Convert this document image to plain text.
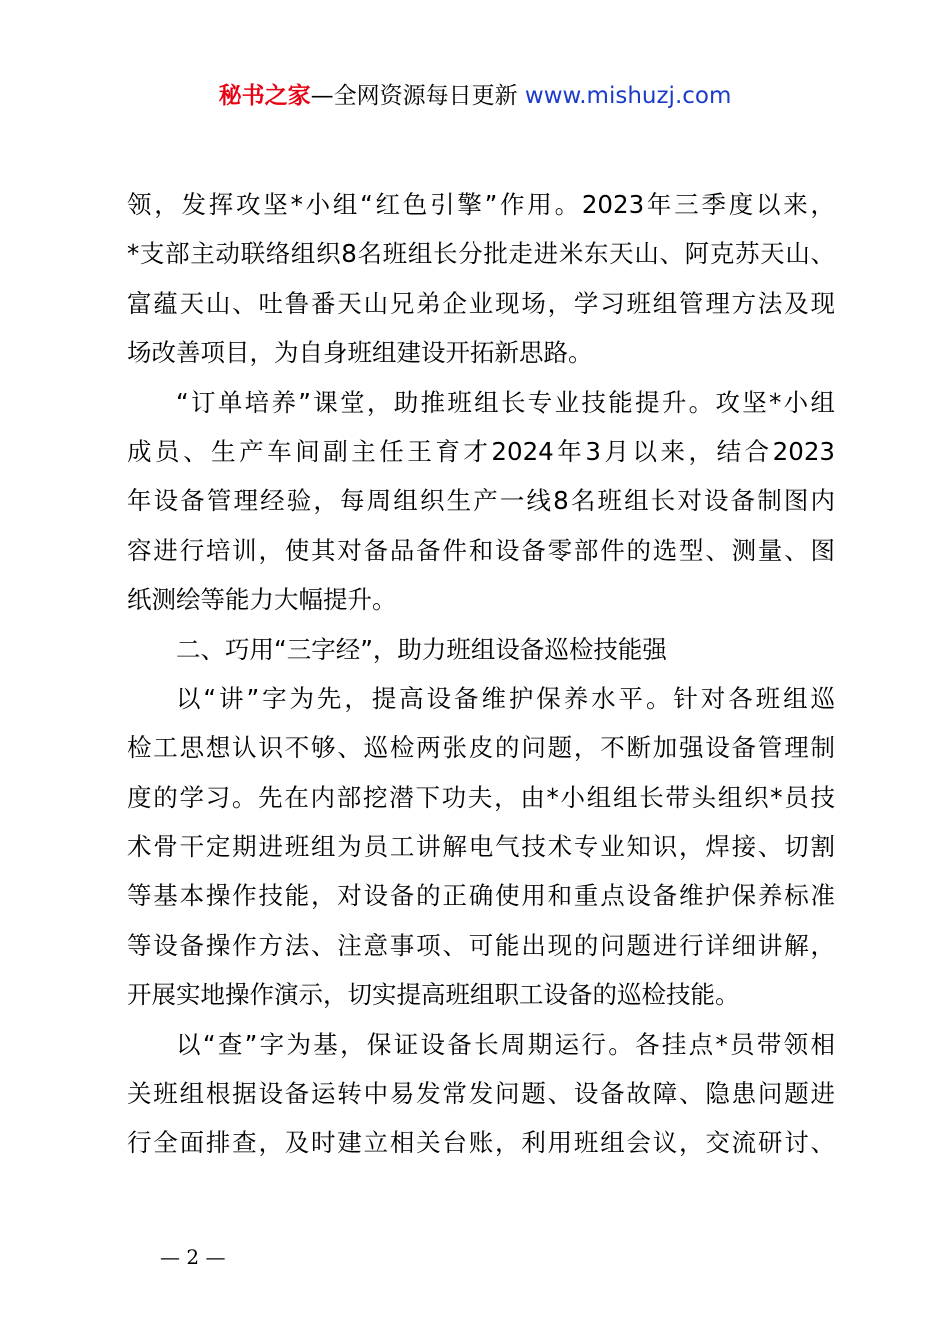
秘书之家—全网资源每日更新 www.mishuzj.com
领，发挥攻坚*小组“红色引擎”作用。2023年三季度以来，
*支部主动联络组织8名班组长分批走进米东天山、阿克苏天山、
富蕴天山、吐鲁番天山兄弟企业现场，学习班组管理方法及现
场改善项目，为自身班组建设开拓新思路。
“订单培养”课堂，助推班组长专业技能提升。攻坚*小组
成员、生产车间副主任王育才2024年3月以来，结合2023
年设备管理经验，每周组织生产一线8名班组长对设备制图内
容进行培训，使其对备品备件和设备零部件的选型、测量、图
纸测绘等能力大幅提升。
二、巧用“三字经”，助力班组设备巡检技能强
以“讲”字为先，提高设备维护保养水平。针对各班组巡
检工思想认识不够、巡检两张皮的问题，不断加强设备管理制
度的学习。先在内部挖潜下功夫，由*小组组长带头组织*员技
术骨干定期进班组为员工讲解电气技术专业知识，焊接、切割
等基本操作技能，对设备的正确使用和重点设备维护保养标准
等设备操作方法、注意事项、可能出现的问题进行详细讲解，
开展实地操作演示，切实提高班组职工设备的巡检技能。
以“查”字为基，保证设备长周期运行。各挂点*员带领相
关班组根据设备运转中易发常发问题、设备故障、隐患问题进
行全面排查，及时建立相关台账，利用班组会议，交流研讨、
— 2 —
